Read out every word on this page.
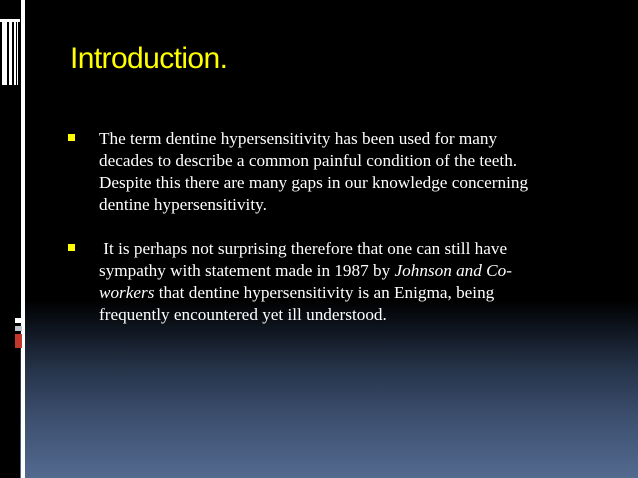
Introduction.

The term dentine hypersensitivity has been used for many
decades to describe a common painful condition of the teeth.
Despite this there are many gaps in our knowledge concerning
dentine hypersensitivity.

It is perhaps not surprising therefore that one can still have
sympathy with statement made in 1987 by Johnson and Co-
workers that dentine hypersensitivity is an Enigma, being
frequently encountered yet ill understood.
